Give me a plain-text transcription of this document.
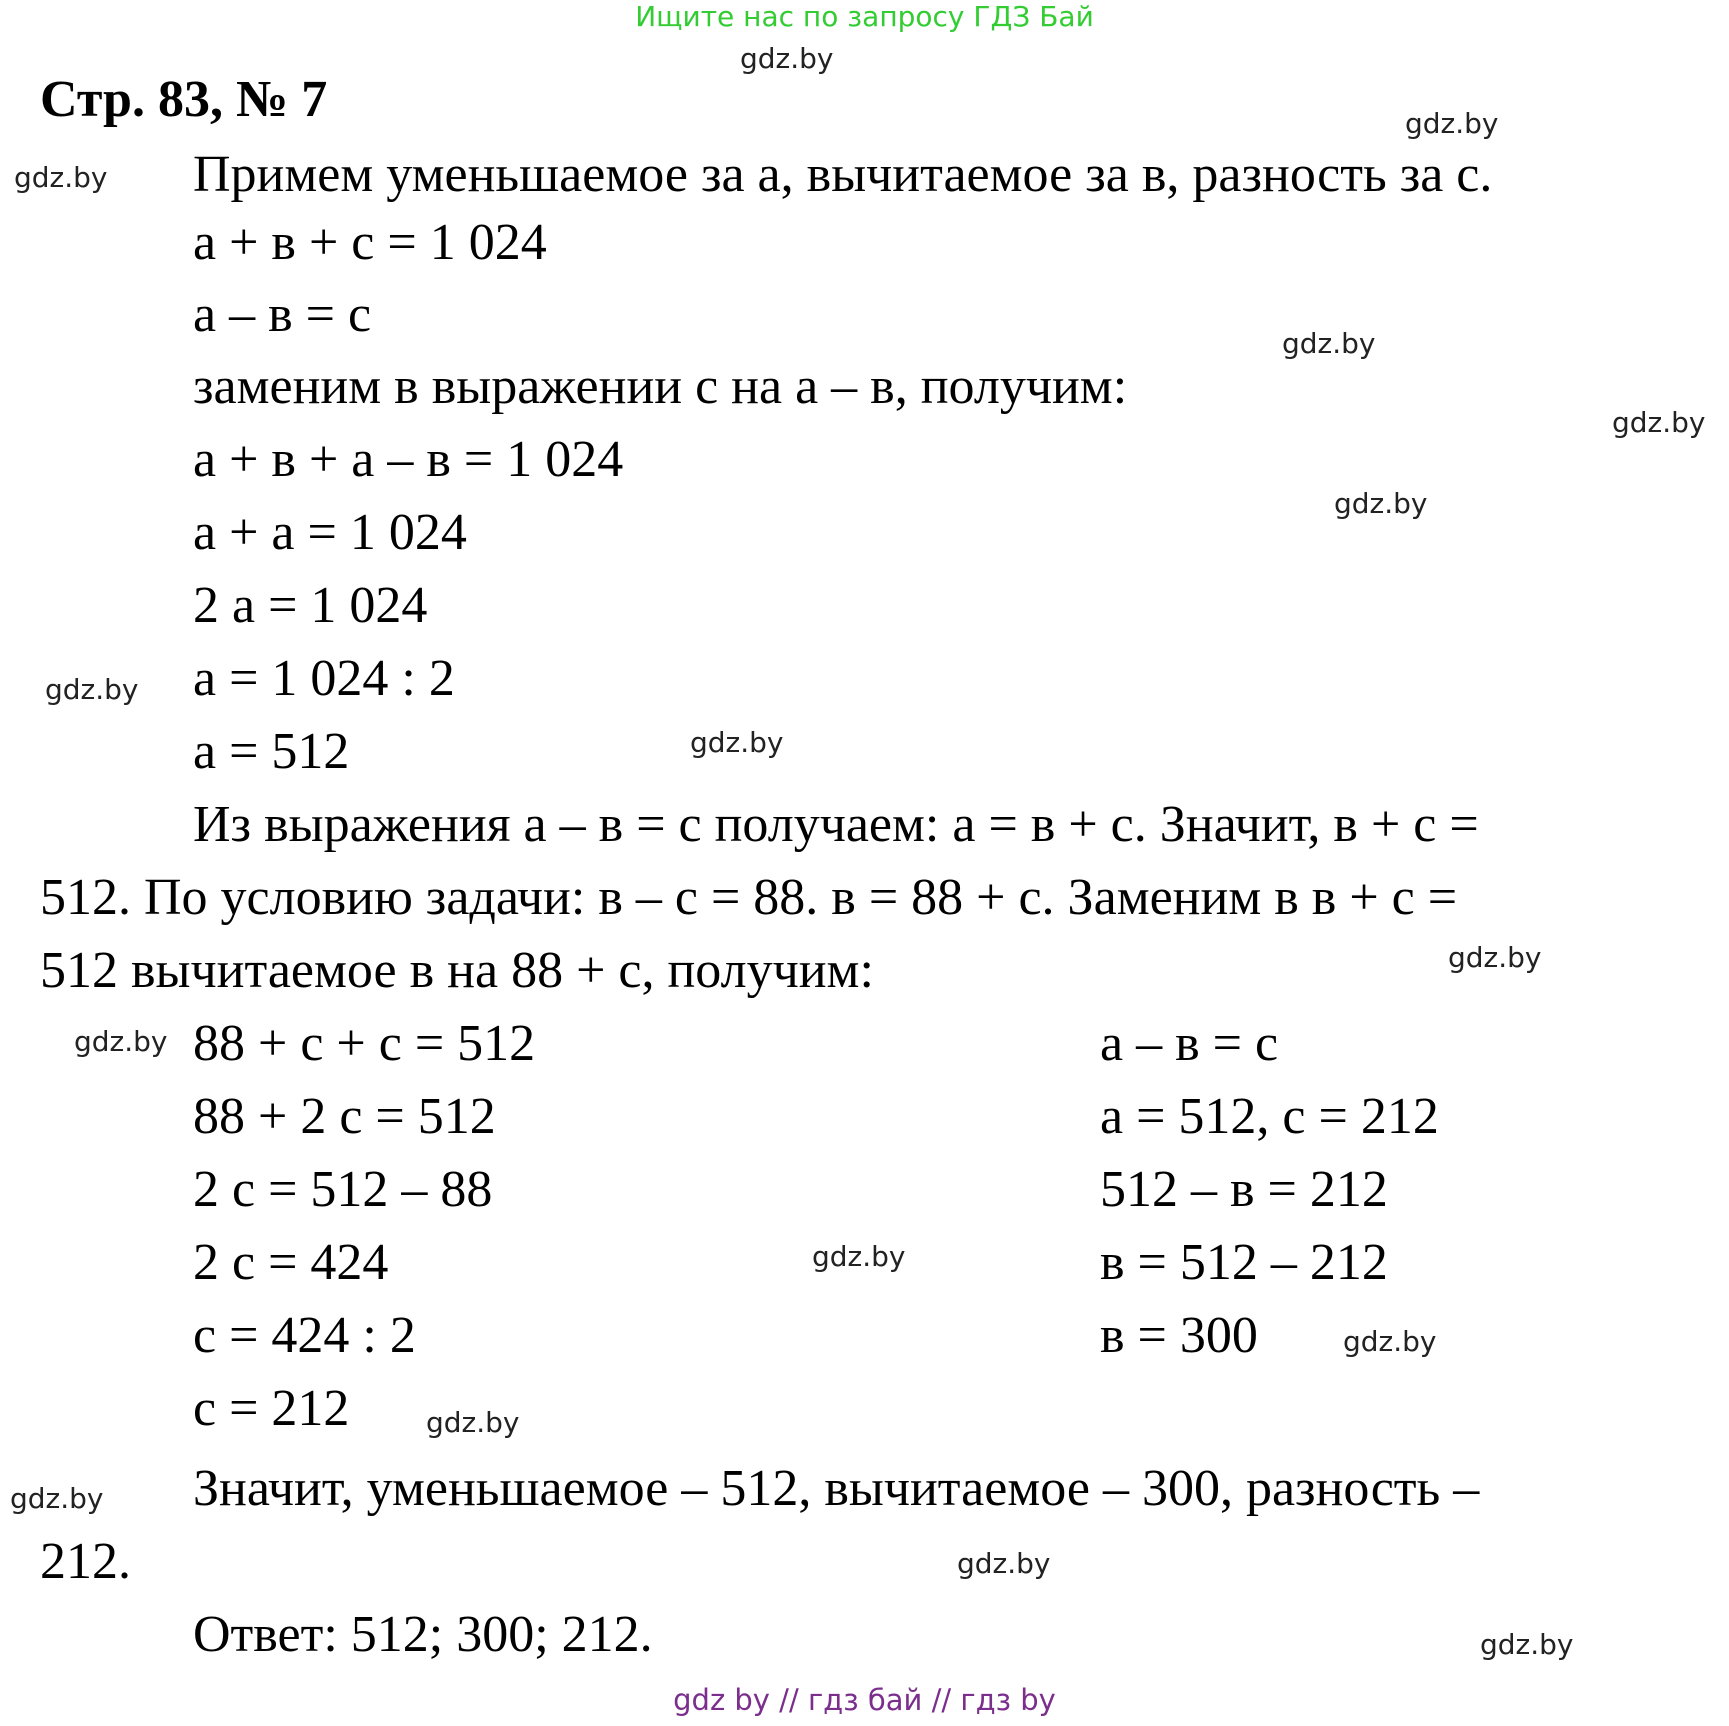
Ищите нас по запросу ГДЗ Бай
Стр. 83, № 7
Примем уменьшаемое за а, вычитаемое за в, разность за с.
а + в + с = 1 024
а – в = с
заменим в выражении с на а – в, получим:
а + в + а – в = 1 024
а + а = 1 024
2 а = 1 024
а = 1 024 : 2
а = 512
Из выражения а – в = с получаем: а = в + с. Значит, в + с =
512. По условию задачи: в – с = 88. в = 88 + с. Заменим в в + с =
512 вычитаемое в на 88 + с, получим:
88 + с + с = 512
88 + 2 с = 512
2 с = 512 – 88
2 с = 424
с = 424 : 2
с = 212
а – в = с
а = 512, с = 212
512 – в = 212
в = 512 – 212
в = 300
Значит, уменьшаемое – 512, вычитаемое – 300, разность –
212.
Ответ: 512; 300; 212.
gdz.by
gdz.by
gdz.by
gdz.by
gdz.by
gdz.by
gdz.by
gdz.by
gdz.by
gdz.by
gdz.by
gdz.by
gdz.by
gdz.by
gdz.by
gdz.by
gdz by // гдз бай // гдз by
